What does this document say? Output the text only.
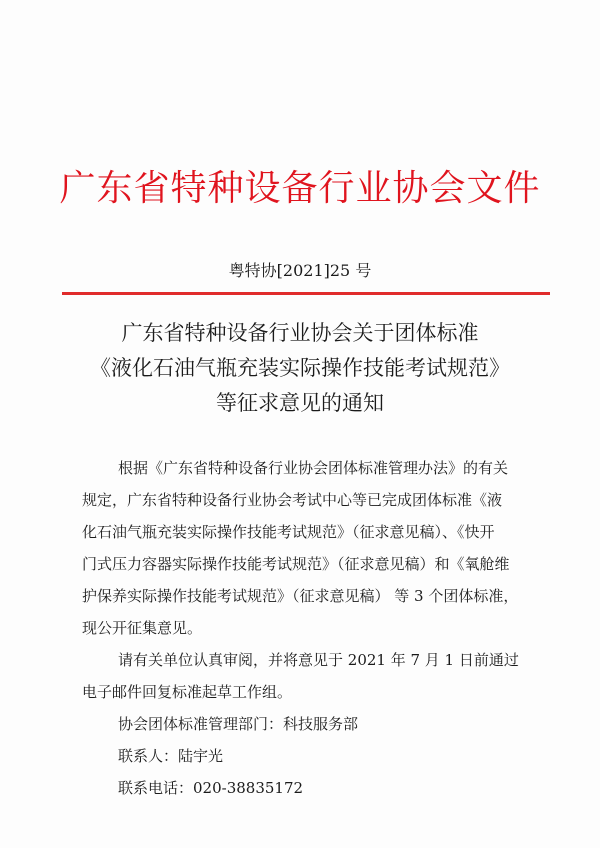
广东省特种设备行业协会文件
粤特协[2021]25 号
广东省特种设备行业协会关于团体标准
《液化石油气瓶充装实际操作技能考试规范》
等征求意见的通知

根据《广东省特种设备行业协会团体标准管理办法》的有关
规定，广东省特种设备行业协会考试中心等已完成团体标准《液
化石油气瓶充装实际操作技能考试规范》（征求意见稿）、《快开
门式压力容器实际操作技能考试规范》（征求意见稿）和《氧舱维
护保养实际操作技能考试规范》（征求意见稿） 等 3 个团体标准，
现公开征集意见。

请有关单位认真审阅，并将意见于 2021 年 7 月 1 日前通过
电子邮件回复标准起草工作组。

协会团体标准管理部门：科技服务部

联系人：陆宇光

联系电话：020-38835172
